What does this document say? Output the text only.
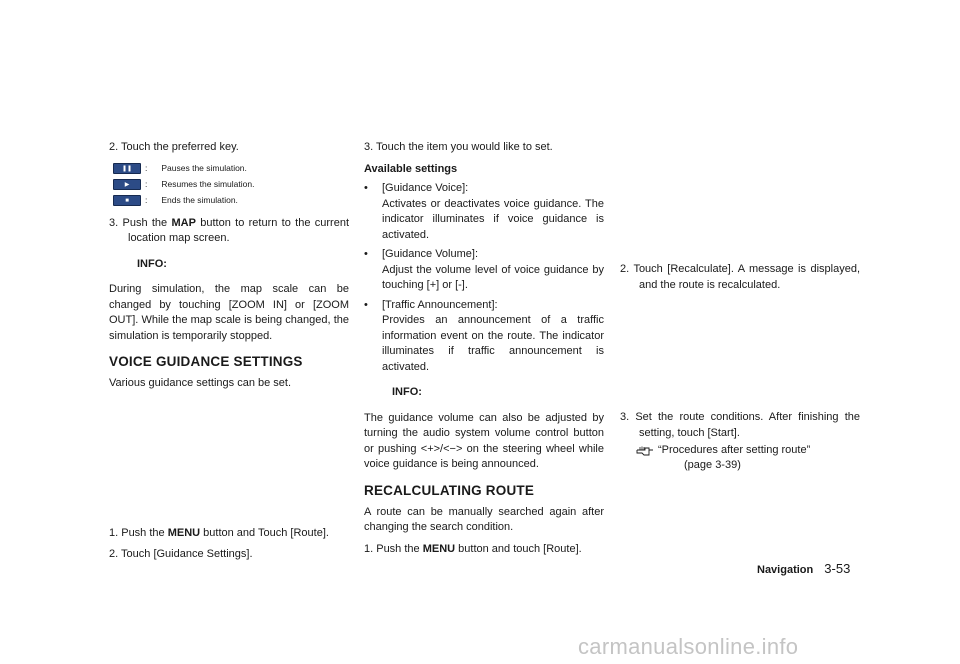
2. Touch the preferred key.

❚❚ : Pauses the simulation.
▶ : Resumes the simulation.
■ : Ends the simulation.

3. Push the MAP button to return to the current location map screen.

INFO:

During simulation, the map scale can be changed by touching [ZOOM IN] or [ZOOM OUT]. While the map scale is being changed, the simulation is temporarily stopped.

VOICE GUIDANCE SETTINGS

Various guidance settings can be set.

1. Push the MENU button and Touch [Route].

2. Touch [Guidance Settings].

3. Touch the item you would like to set.

Available settings

• [Guidance Voice]:

Activates or deactivates voice guidance. The indicator illuminates if voice guidance is activated.

• [Guidance Volume]:

Adjust the volume level of voice guidance by touching [+] or [-].

• [Traffic Announcement]:

Provides an announcement of a traffic information event on the route. The indicator illuminates if traffic announcement is activated.

INFO:

The guidance volume can also be adjusted by turning the audio system volume control button or pushing <+>/<−> on the steering wheel while voice guidance is being announced.

RECALCULATING ROUTE

A route can be manually searched again after changing the search condition.

1. Push the MENU button and touch [Route].

2. Touch [Recalculate]. A message is displayed, and the route is recalculated.

3. Set the route conditions. After finishing the setting, touch [Start].

“Procedures after setting route”
(page 3-39)
Navigation 3-53
carmanualsonline.info
